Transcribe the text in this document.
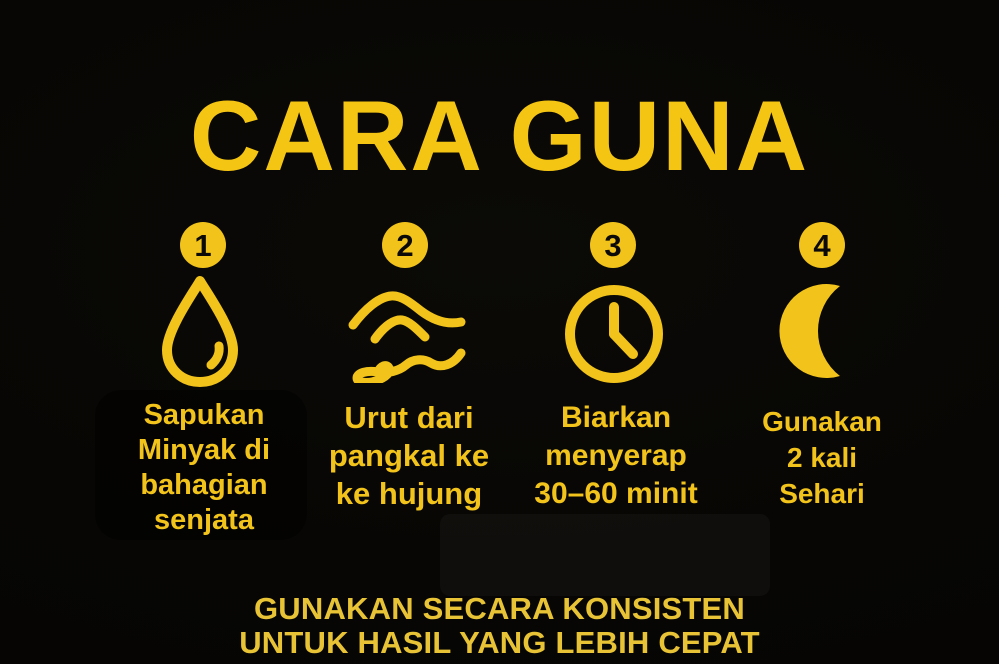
CARA GUNA
1	2	3	4
Sapukan
Minyak di
bahagian
senjata
Urut dari
pangkal ke
ke hujung
Biarkan
menyerap
30–60 minit
Gunakan
2 kali
Sehari
GUNAKAN SECARA KONSISTEN
UNTUK HASIL YANG LEBIH CEPAT
